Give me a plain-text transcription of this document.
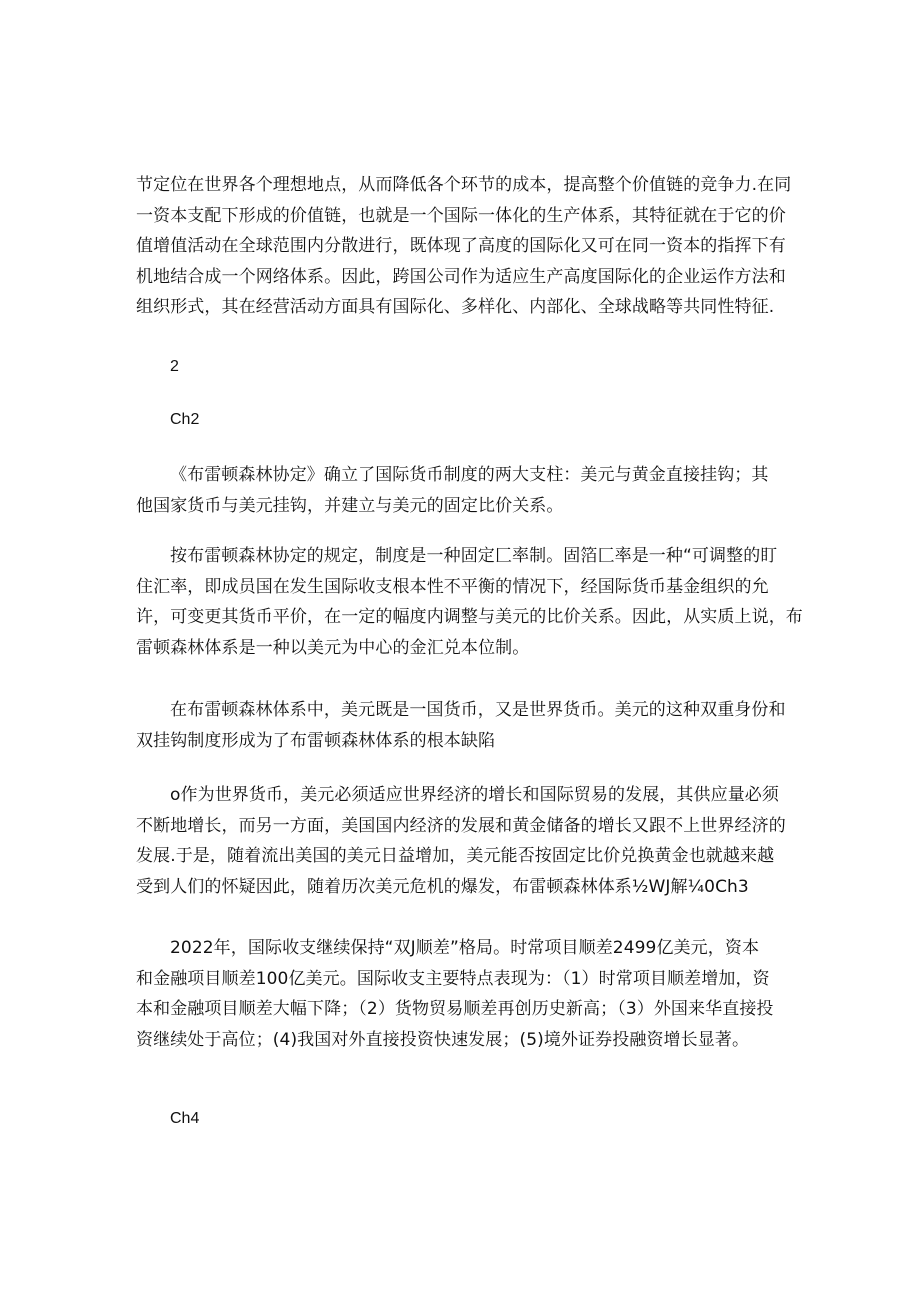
节定位在世界各个理想地点，从而降低各个环节的成本，提高整个价值链的竞争力.在同
一资本支配下形成的价值链，也就是一个国际一体化的生产体系，其特征就在于它的价
值增值活动在全球范围内分散进行，既体现了高度的国际化又可在同一资本的指挥下有
机地结合成一个网络体系。因此，跨国公司作为适应生产高度国际化的企业运作方法和
组织形式，其在经营活动方面具有国际化、多样化、内部化、全球战略等共同性特征.
2
Ch2
《布雷顿森林协定》确立了国际货币制度的两大支柱：美元与黄金直接挂钩；其
他国家货币与美元挂钩，并建立与美元的固定比价关系。
按布雷顿森林协定的规定，制度是一种固定匚率制。固箔匚率是一种“可调整的盯
住汇率，即成员国在发生国际收支根本性不平衡的情况下，经国际货币基金组织的允
许，可变更其货币平价，在一定的幅度内调整与美元的比价关系。因此，从实质上说，布
雷顿森林体系是一种以美元为中心的金汇兑本位制。
在布雷顿森林体系中，美元既是一国货币，又是世界货币。美元的这种双重身份和
双挂钩制度形成为了布雷顿森林体系的根本缺陷
o作为世界货币，美元必须适应世界经济的增长和国际贸易的发展，其供应量必须
不断地增长，而另一方面，美国国内经济的发展和黄金储备的增长又跟不上世界经济的
发展.于是，随着流出美国的美元日益增加，美元能否按固定比价兑换黄金也就越来越
受到人们的怀疑因此，随着历次美元危机的爆发，布雷顿森林体系½WJ解¼0Ch3
2022年，国际收支继续保持“双J顺差”格局。时常项目顺差2499亿美元，资本
和金融项目顺差100亿美元。国际收支主要特点表现为：（1）时常项目顺差增加，资
本和金融项目顺差大幅下降；（2）货物贸易顺差再创历史新高；（3）外国来华直接投
资继续处于高位；(4)我国对外直接投资快速发展；(5)境外证券投融资增长显著。
Ch4
